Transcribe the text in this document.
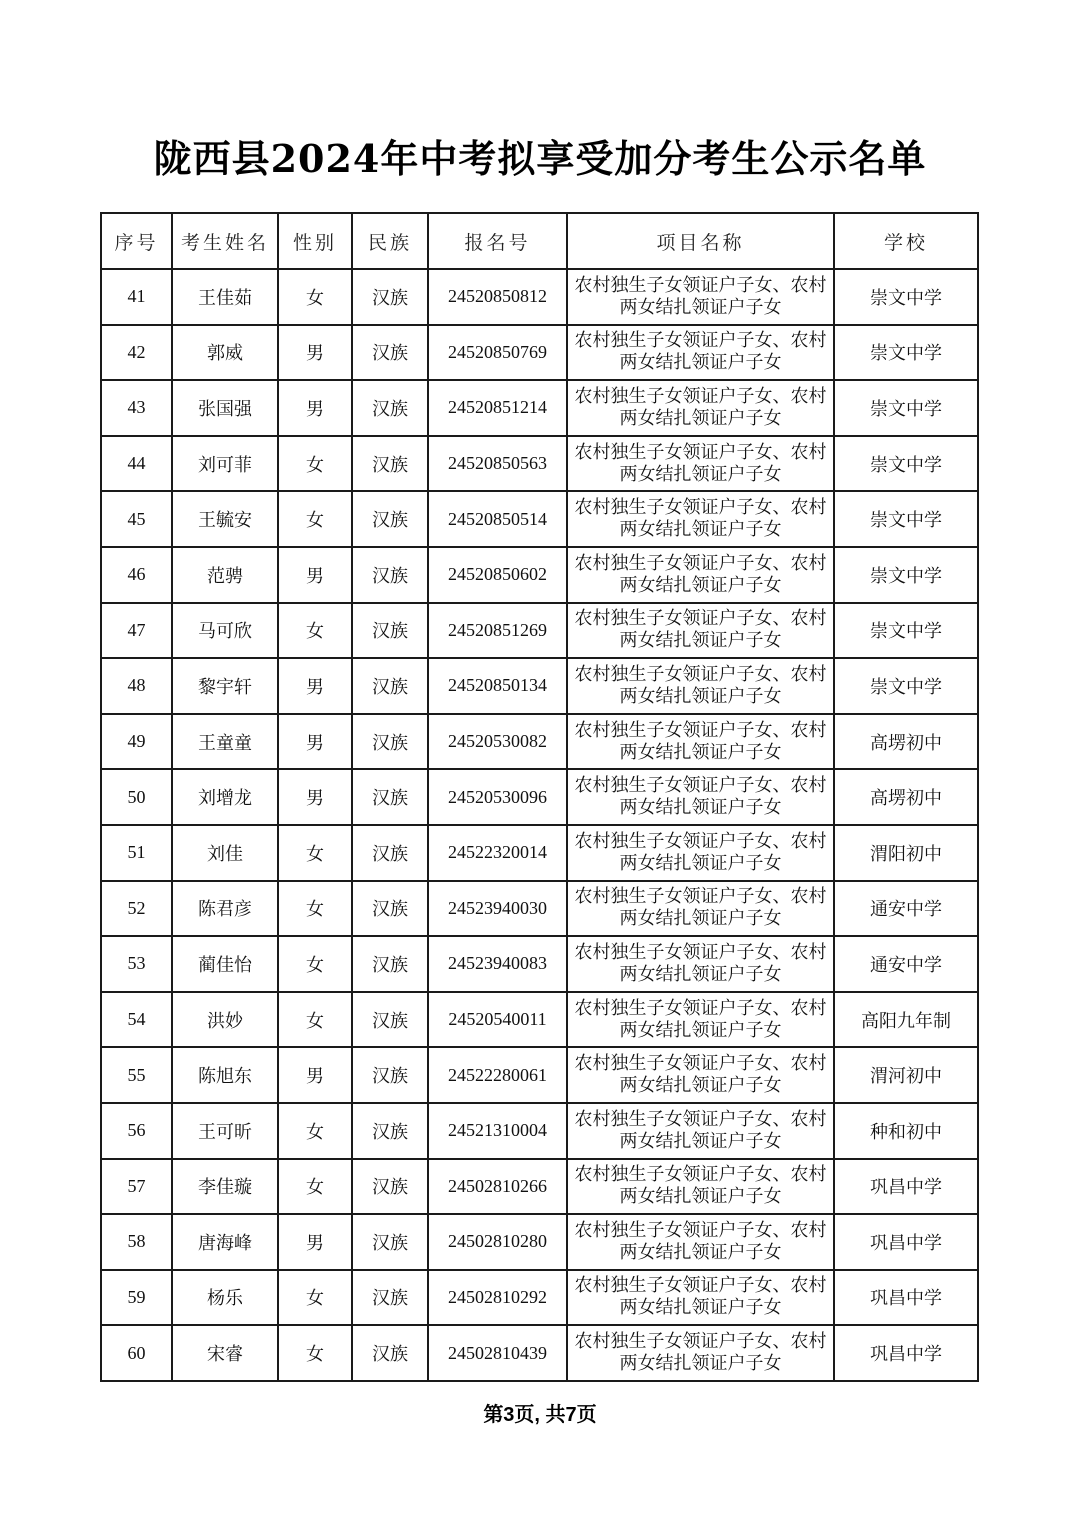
陇西县2024年中考拟享受加分考生公示名单
序号	考生姓名	性别	民族	报名号	项目名称	学校
41	王佳茹	女	汉族	24520850812	农村独生子女领证户子女、农村两女结扎领证户子女	崇文中学
42	郭威	男	汉族	24520850769	农村独生子女领证户子女、农村两女结扎领证户子女	崇文中学
43	张国强	男	汉族	24520851214	农村独生子女领证户子女、农村两女结扎领证户子女	崇文中学
44	刘可菲	女	汉族	24520850563	农村独生子女领证户子女、农村两女结扎领证户子女	崇文中学
45	王毓安	女	汉族	24520850514	农村独生子女领证户子女、农村两女结扎领证户子女	崇文中学
46	范骋	男	汉族	24520850602	农村独生子女领证户子女、农村两女结扎领证户子女	崇文中学
47	马可欣	女	汉族	24520851269	农村独生子女领证户子女、农村两女结扎领证户子女	崇文中学
48	黎宇轩	男	汉族	24520850134	农村独生子女领证户子女、农村两女结扎领证户子女	崇文中学
49	王童童	男	汉族	24520530082	农村独生子女领证户子女、农村两女结扎领证户子女	高塄初中
50	刘增龙	男	汉族	24520530096	农村独生子女领证户子女、农村两女结扎领证户子女	高塄初中
51	刘佳	女	汉族	24522320014	农村独生子女领证户子女、农村两女结扎领证户子女	渭阳初中
52	陈君彦	女	汉族	24523940030	农村独生子女领证户子女、农村两女结扎领证户子女	通安中学
53	蔺佳怡	女	汉族	24523940083	农村独生子女领证户子女、农村两女结扎领证户子女	通安中学
54	洪妙	女	汉族	24520540011	农村独生子女领证户子女、农村两女结扎领证户子女	高阳九年制
55	陈旭东	男	汉族	24522280061	农村独生子女领证户子女、农村两女结扎领证户子女	渭河初中
56	王可昕	女	汉族	24521310004	农村独生子女领证户子女、农村两女结扎领证户子女	种和初中
57	李佳璇	女	汉族	24502810266	农村独生子女领证户子女、农村两女结扎领证户子女	巩昌中学
58	唐海峰	男	汉族	24502810280	农村独生子女领证户子女、农村两女结扎领证户子女	巩昌中学
59	杨乐	女	汉族	24502810292	农村独生子女领证户子女、农村两女结扎领证户子女	巩昌中学
60	宋睿	女	汉族	24502810439	农村独生子女领证户子女、农村两女结扎领证户子女	巩昌中学
第3页, 共7页
